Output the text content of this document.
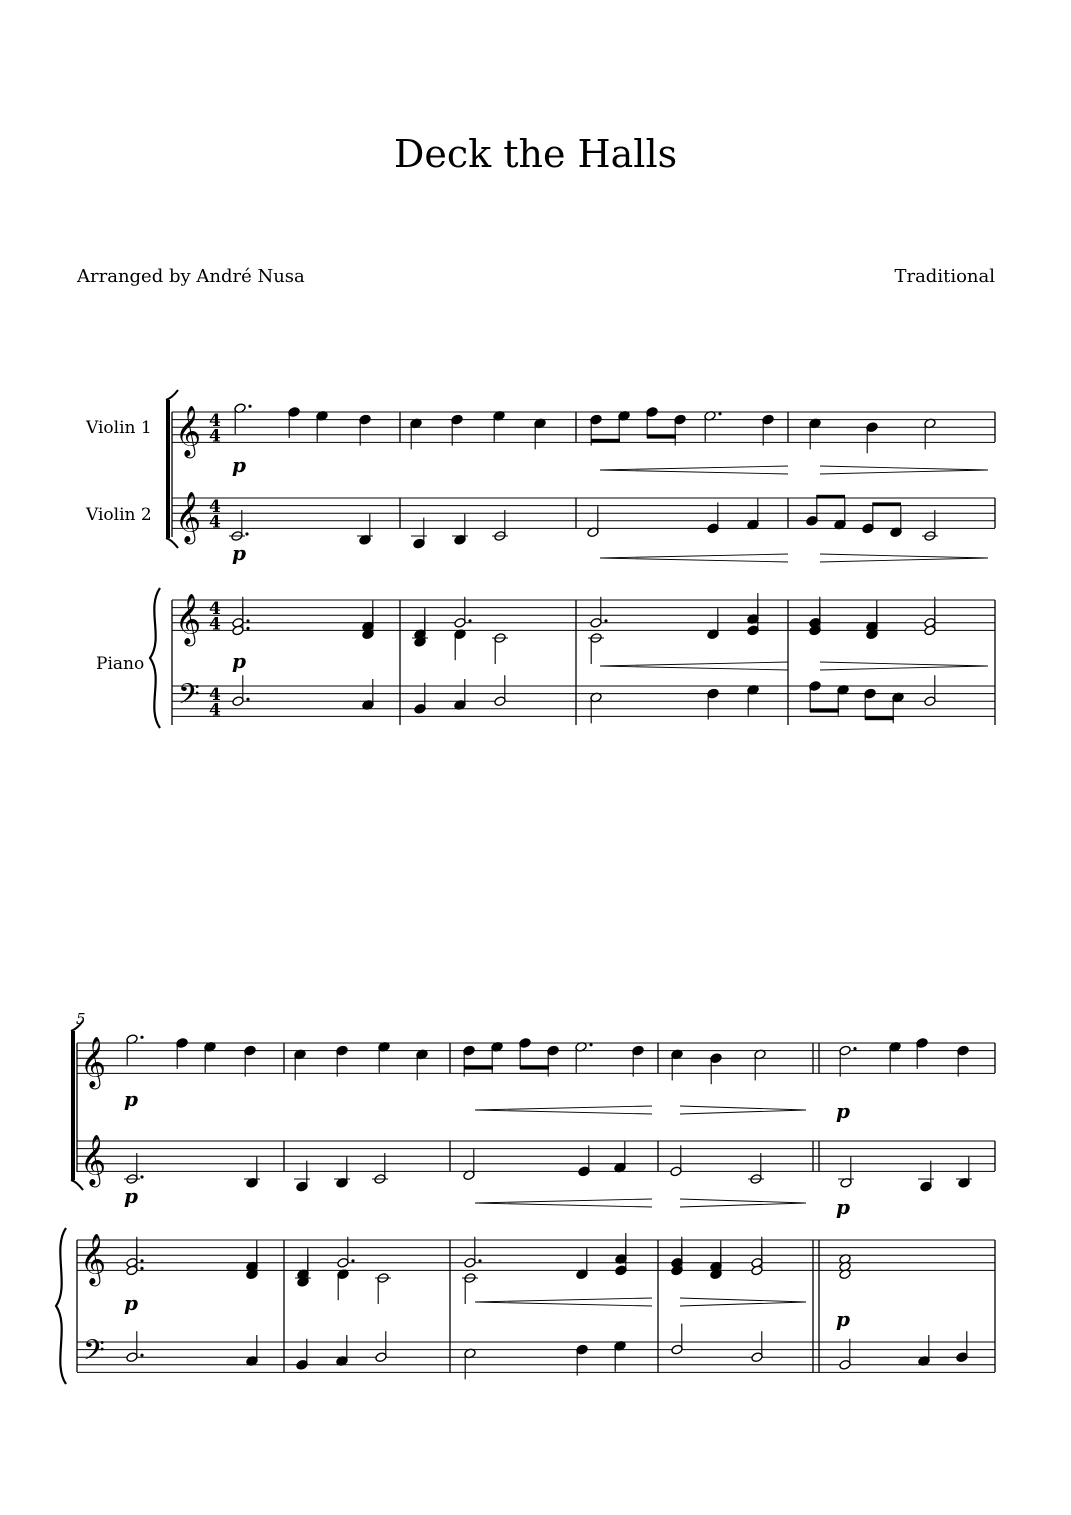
Deck the Halls
Arranged by André Nusa	Traditional
Violin 1
Violin 2
Piano
𝄞
𝄞
𝄞
𝄢
4
4
4
4
4
4
4
4
p
p
p
5
𝄞
𝄞
𝄞
𝄢
p	p
p	p
p
p
